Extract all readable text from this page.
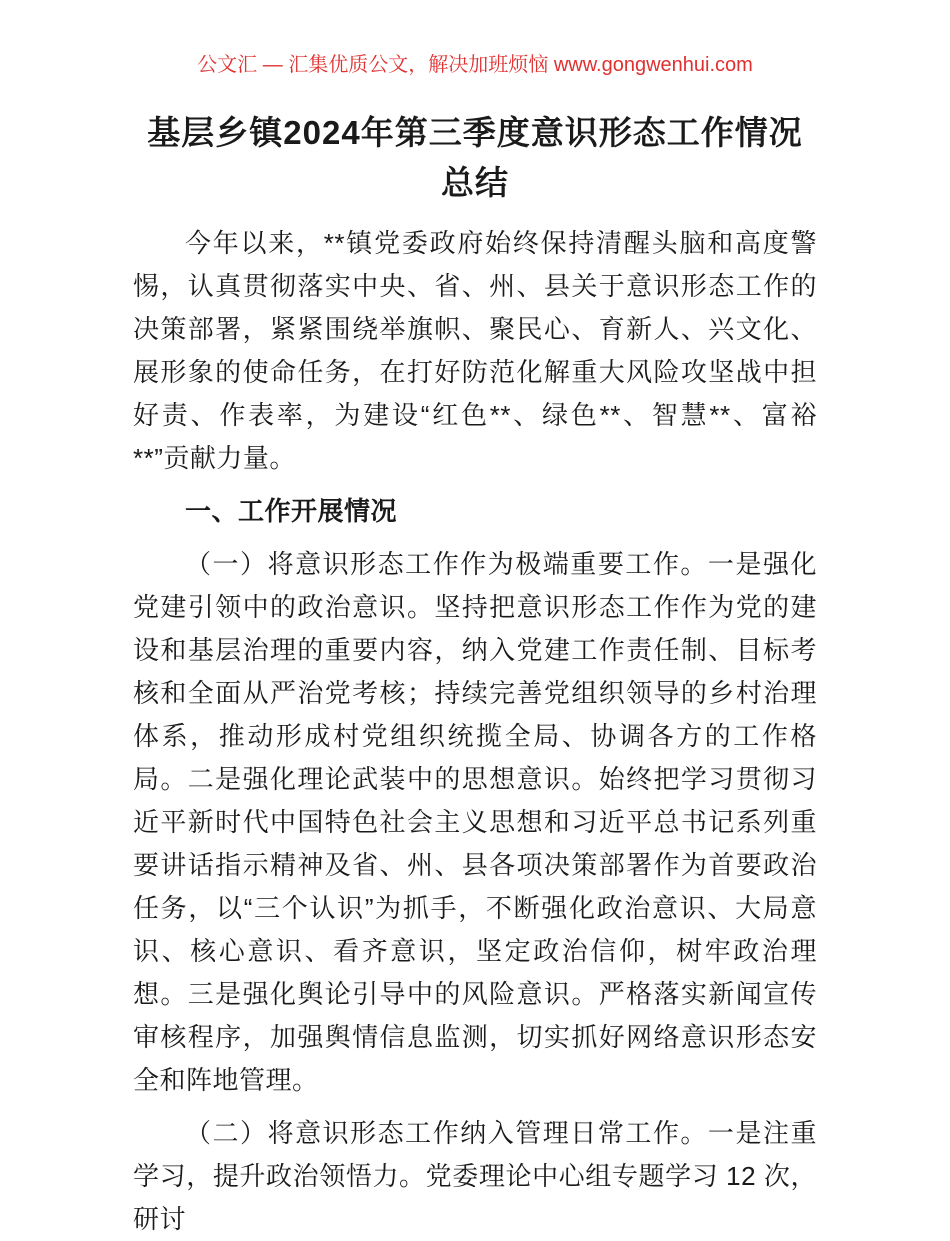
公文汇 — 汇集优质公文，解决加班烦恼 www.gongwenhui.com
基层乡镇2024年第三季度意识形态工作情况总结

今年以来，**镇党委政府始终保持清醒头脑和高度警惕，认真贯彻落实中央、省、州、县关于意识形态工作的决策部署，紧紧围绕举旗帜、聚民心、育新人、兴文化、展形象的使命任务，在打好防范化解重大风险攻坚战中担好责、作表率，为建设“红色**、绿色**、智慧**、富裕**”贡献力量。

一、工作开展情况

（一）将意识形态工作作为极端重要工作。一是强化党建引领中的政治意识。坚持把意识形态工作作为党的建设和基层治理的重要内容，纳入党建工作责任制、目标考核和全面从严治党考核；持续完善党组织领导的乡村治理体系，推动形成村党组织统揽全局、协调各方的工作格局。二是强化理论武装中的思想意识。始终把学习贯彻习近平新时代中国特色社会主义思想和习近平总书记系列重要讲话指示精神及省、州、县各项决策部署作为首要政治任务，以“三个认识”为抓手，不断强化政治意识、大局意识、核心意识、看齐意识，坚定政治信仰，树牢政治理想。三是强化舆论引导中的风险意识。严格落实新闻宣传审核程序，加强舆情信息监测，切实抓好网络意识形态安全和阵地管理。

（二）将意识形态工作纳入管理日常工作。一是注重学习，提升政治领悟力。党委理论中心组专题学习 12 次，研讨
